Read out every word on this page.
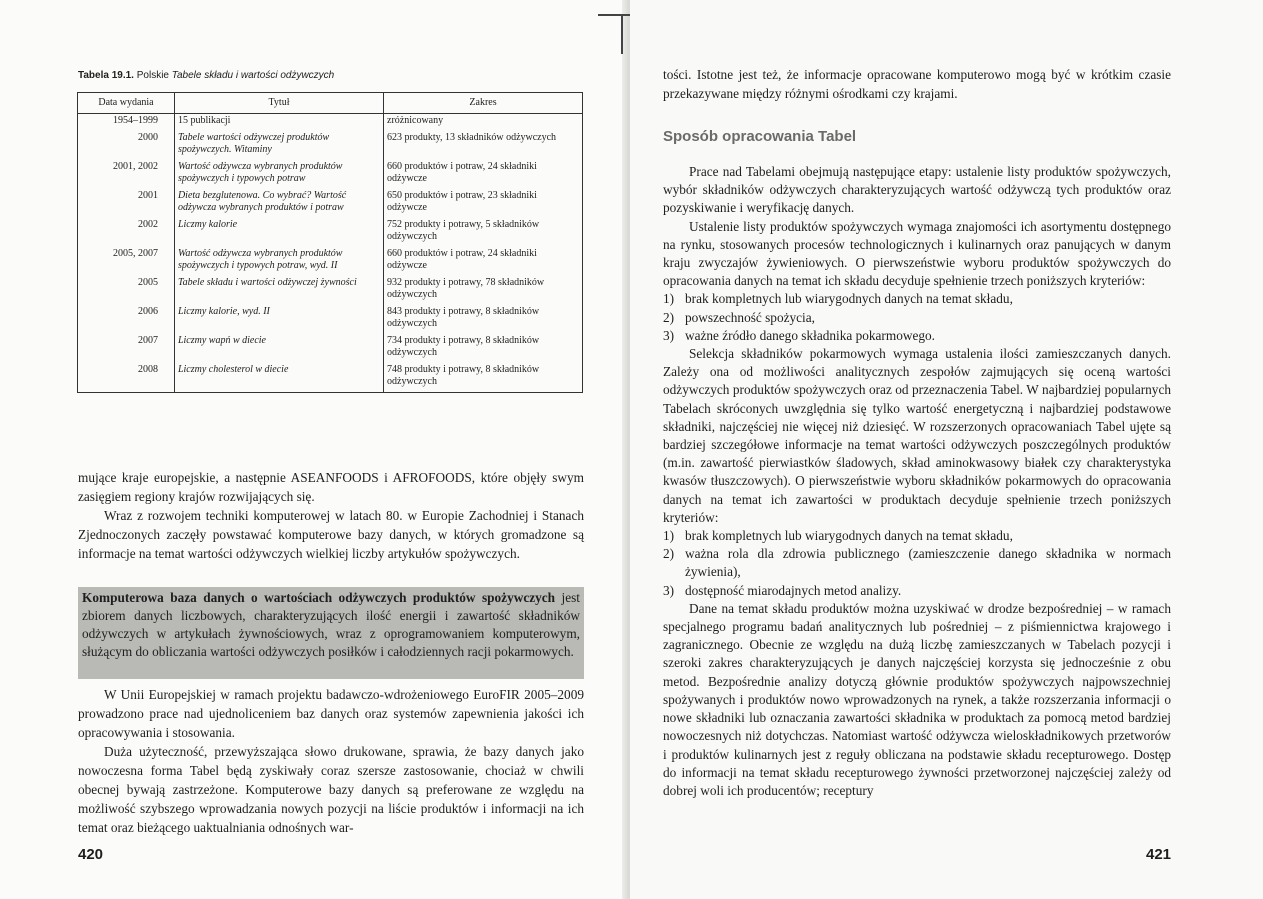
Tabela 19.1. Polskie Tabele składu i wartości odżywczych
Data wydania	Tytuł	Zakres
1954–1999	15 publikacji	zróżnicowany
2000	Tabele wartości odżywczej produktów spożywczych. Witaminy	623 produkty, 13 składników odżywczych
2001, 2002	Wartość odżywcza wybranych produktów spożywczych i typowych potraw	660 produktów i potraw, 24 składniki odżywcze
2001	Dieta bezglutenowa. Co wybrać? Wartość odżywcza wybranych produktów i potraw	650 produktów i potraw, 23 składniki odżywcze
2002	Liczmy kalorie	752 produkty i potrawy, 5 składników odżywczych
2005, 2007	Wartość odżywcza wybranych produktów spożywczych i typowych potraw, wyd. II	660 produktów i potraw, 24 składniki odżywcze
2005	Tabele składu i wartości odżywczej żywności	932 produkty i potrawy, 78 składników odżywczych
2006	Liczmy kalorie, wyd. II	843 produkty i potrawy, 8 składników odżywczych
2007	Liczmy wapń w diecie	734 produkty i potrawy, 8 składników odżywczych
2008	Liczmy cholesterol w diecie	748 produkty i potrawy, 8 składników odżywczych

mujące kraje europejskie, a następnie ASEANFOODS i AFROFOODS, które objęły swym zasięgiem regiony krajów rozwijających się.

Wraz z rozwojem techniki komputerowej w latach 80. w Europie Zachodniej i Stanach Zjednoczonych zaczęły powstawać komputerowe bazy danych, w których gromadzone są informacje na temat wartości odżywczych wielkiej liczby artykułów spożywczych.

Komputerowa baza danych o wartościach odżywczych produktów spożywczych jest zbiorem danych liczbowych, charakteryzujących ilość energii i zawartość składników odżywczych w artykułach żywnościowych, wraz z oprogramowaniem komputerowym, służącym do obliczania wartości odżywczych posiłków i całodziennych racji pokarmowych.

W Unii Europejskiej w ramach projektu badawczo-wdrożeniowego EuroFIR 2005–2009 prowadzono prace nad ujednoliceniem baz danych oraz systemów zapewnienia jakości ich opracowywania i stosowania.

Duża użyteczność, przewyższająca słowo drukowane, sprawia, że bazy danych jako nowoczesna forma Tabel będą zyskiwały coraz szersze zastosowanie, chociaż w chwili obecnej bywają zastrzeżone. Komputerowe bazy danych są preferowane ze względu na możliwość szybszego wprowadzania nowych pozycji na liście produktów i informacji na ich temat oraz bieżącego uaktualniania odnośnych war-

420

tości. Istotne jest też, że informacje opracowane komputerowo mogą być w krótkim czasie przekazywane między różnymi ośrodkami czy krajami.

Sposób opracowania Tabel

Prace nad Tabelami obejmują następujące etapy: ustalenie listy produktów spożywczych, wybór składników odżywczych charakteryzujących wartość odżywczą tych produktów oraz pozyskiwanie i weryfikację danych.

Ustalenie listy produktów spożywczych wymaga znajomości ich asortymentu dostępnego na rynku, stosowanych procesów technologicznych i kulinarnych oraz panujących w danym kraju zwyczajów żywieniowych. O pierwszeństwie wyboru produktów spożywczych do opracowania danych na temat ich składu decyduje spełnienie trzech poniższych kryteriów:

1) brak kompletnych lub wiarygodnych danych na temat składu,
2) powszechność spożycia,
3) ważne źródło danego składnika pokarmowego.

Selekcja składników pokarmowych wymaga ustalenia ilości zamieszczanych danych. Zależy ona od możliwości analitycznych zespołów zajmujących się oceną wartości odżywczych produktów spożywczych oraz od przeznaczenia Tabel. W najbardziej popularnych Tabelach skróconych uwzględnia się tylko wartość energetyczną i najbardziej podstawowe składniki, najczęściej nie więcej niż dziesięć. W rozszerzonych opracowaniach Tabel ujęte są bardziej szczegółowe informacje na temat wartości odżywczych poszczególnych produktów (m.in. zawartość pierwiastków śladowych, skład aminokwasowy białek czy charakterystyka kwasów tłuszczowych). O pierwszeństwie wyboru składników pokarmowych do opracowania danych na temat ich zawartości w produktach decyduje spełnienie trzech poniższych kryteriów:

1) brak kompletnych lub wiarygodnych danych na temat składu,
2) ważna rola dla zdrowia publicznego (zamieszczenie danego składnika w normach żywienia),
3) dostępność miarodajnych metod analizy.

Dane na temat składu produktów można uzyskiwać w drodze bezpośredniej – w ramach specjalnego programu badań analitycznych lub pośredniej – z piśmiennictwa krajowego i zagranicznego. Obecnie ze względu na dużą liczbę zamieszczanych w Tabelach pozycji i szeroki zakres charakteryzujących je danych najczęściej korzysta się jednocześnie z obu metod. Bezpośrednie analizy dotyczą głównie produktów spożywczych najpowszechniej spożywanych i produktów nowo wprowadzonych na rynek, a także rozszerzania informacji o nowe składniki lub oznaczania zawartości składnika w produktach za pomocą metod bardziej nowoczesnych niż dotychczas. Natomiast wartość odżywcza wieloskładnikowych przetworów i produktów kulinarnych jest z reguły obliczana na podstawie składu recepturowego. Dostęp do informacji na temat składu recepturowego żywności przetworzonej najczęściej zależy od dobrej woli ich producentów; receptury

421
